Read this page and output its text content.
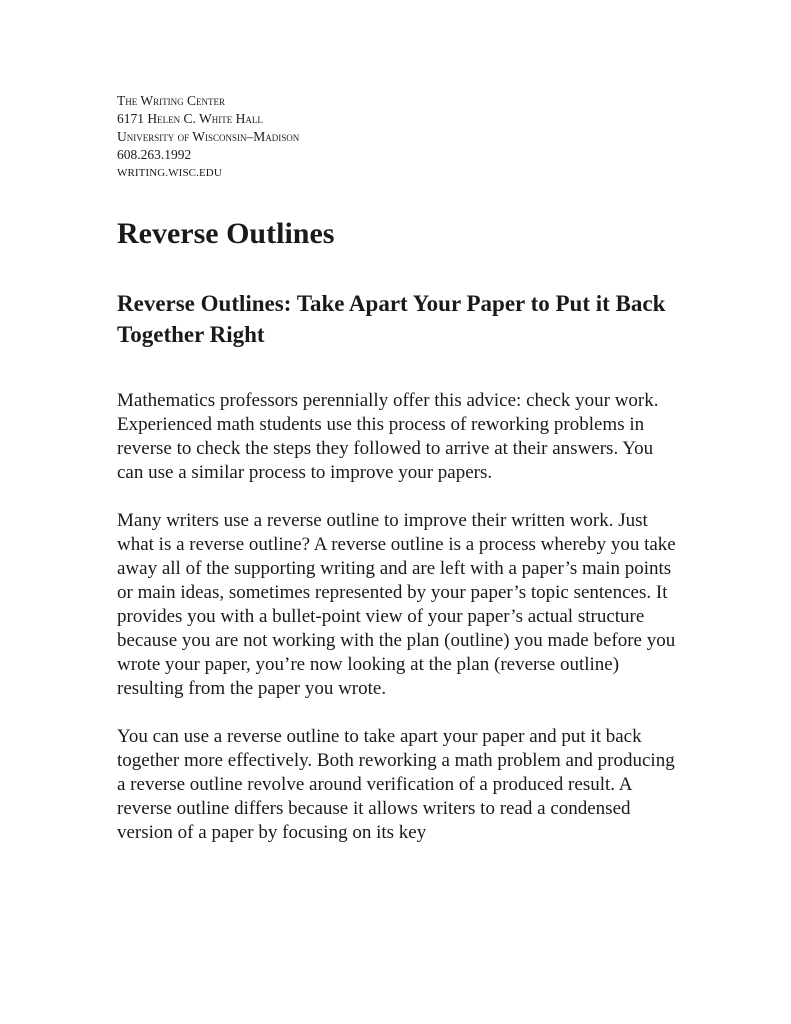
The Writing Center
6171 Helen C. White Hall
University of Wisconsin–Madison
608.263.1992
WRITING.WISC.EDU
Reverse Outlines
Reverse Outlines: Take Apart Your Paper to Put it Back Together Right

Mathematics professors perennially offer this advice: check your work. Experienced math students use this process of reworking problems in reverse to check the steps they followed to arrive at their answers. You can use a similar process to improve your papers.

Many writers use a reverse outline to improve their written work. Just what is a reverse outline? A reverse outline is a process whereby you take away all of the supporting writing and are left with a paper’s main points or main ideas, sometimes represented by your paper’s topic sentences. It provides you with a bullet-point view of your paper’s actual structure because you are not working with the plan (outline) you made before you wrote your paper, you’re now looking at the plan (reverse outline) resulting from the paper you wrote.

You can use a reverse outline to take apart your paper and put it back together more effectively. Both reworking a math problem and producing a reverse outline revolve around verification of a produced result. A reverse outline differs because it allows writers to read a condensed version of a paper by focusing on its key
